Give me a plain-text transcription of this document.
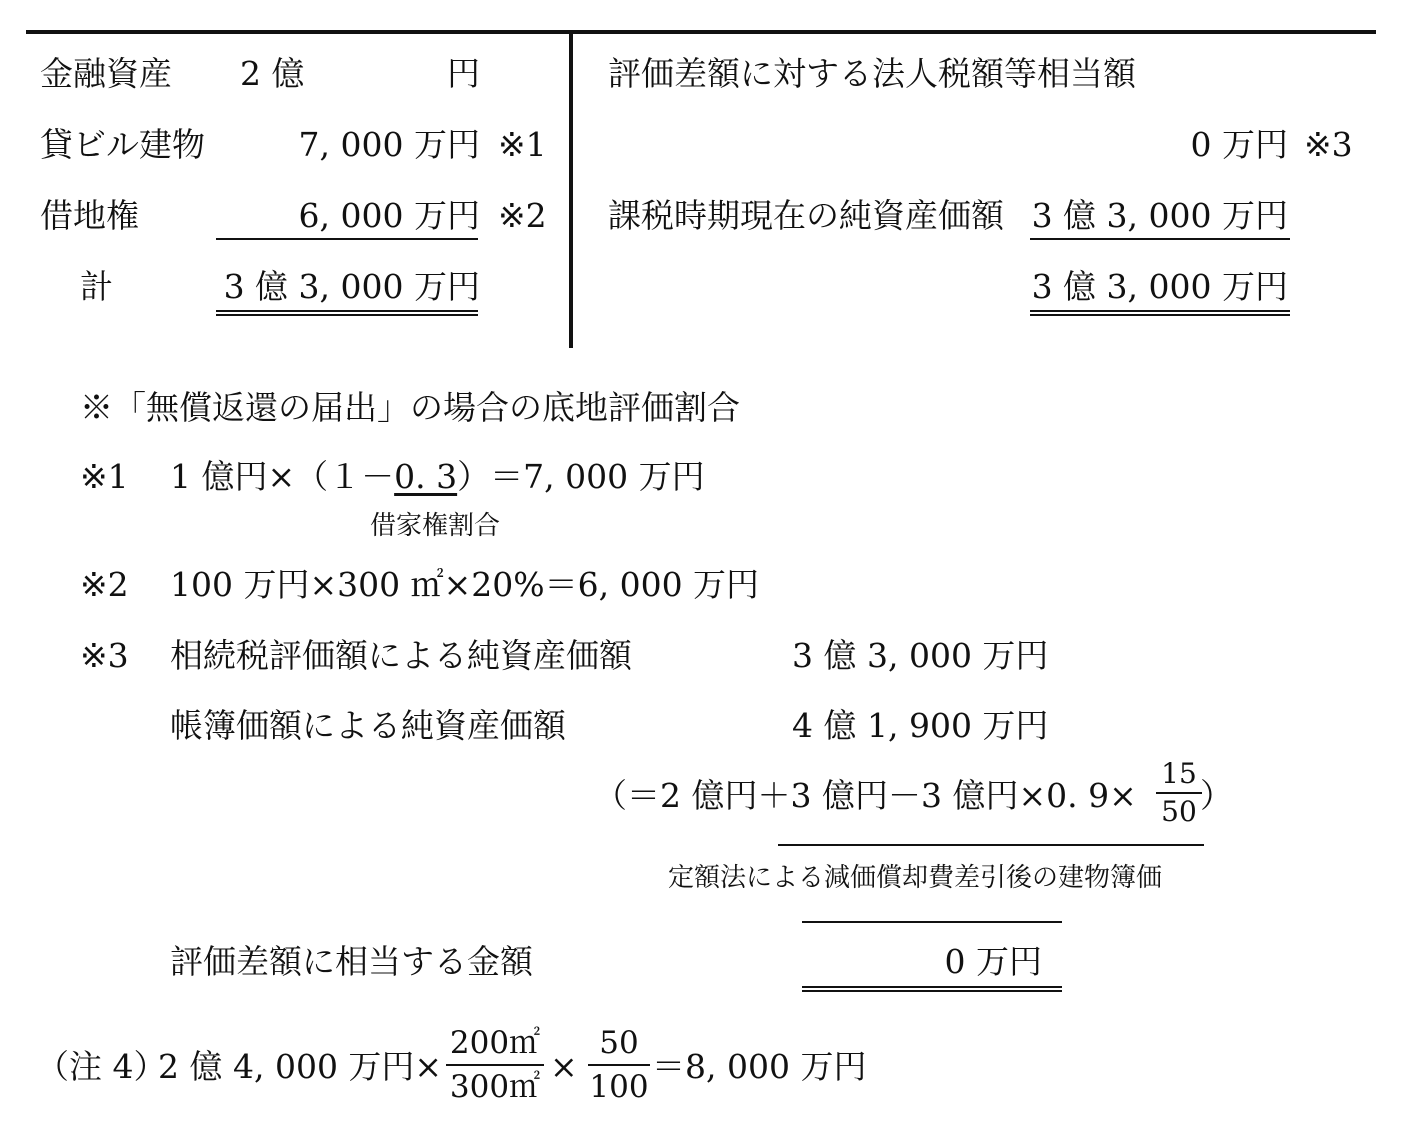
金融資産	2 億　　　　 円
貸ビル建物	7, 000 万円 ※1
借地権	6, 000 万円 ※2
計	3 億 3, 000 万円
評価差額に対する法人税額等相当額
0 万円 ※3
課税時期現在の純資産価額 3 億 3, 000 万円
3 億 3, 000 万円
※「無償返還の届出」の場合の底地評価割合
※1 1 億円×（１－0. 3）＝7, 000 万円
借家権割合
※2 100 万円×300 ㎡×20%＝6, 000 万円
※3 相続税評価額による純資産価額	3 億 3, 000 万円
帳簿価額による純資産価額	4 億 1, 900 万円
（＝2 億円＋3 億円－3 億円×0. 9×
15
50 ）
定額法による減価償却費差引後の建物簿価
評価差額に相当する金額	0 万円
（注 4）
2 億 4, 000 万円×
200㎡
300㎡
×
50
100
＝8, 000 万円
